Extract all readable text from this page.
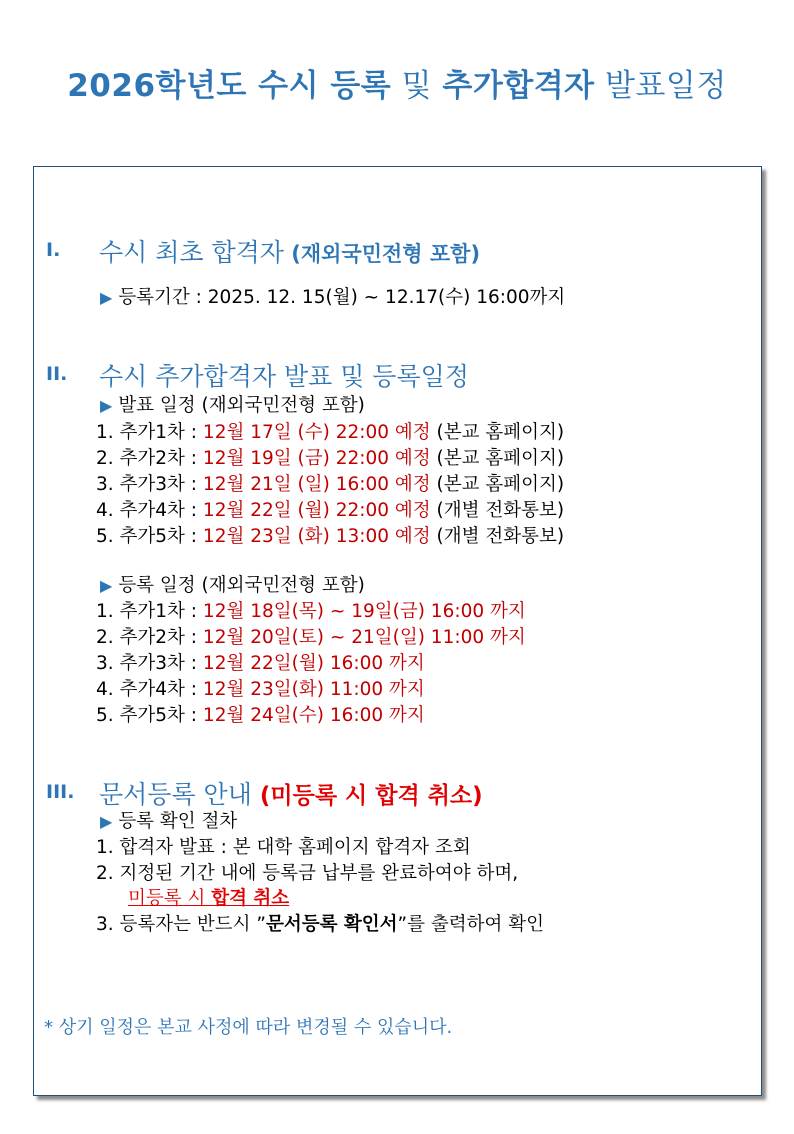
2026학년도 수시 등록 및 추가합격자 발표일정
I. 수시 최초 합격자 (재외국민전형 포함)
▶ 등록기간 : 2025. 12. 15(월) ~ 12.17(수) 16:00까지
II. 수시 추가합격자 발표 및 등록일정
▶ 발표 일정 (재외국민전형 포함)
1. 추가1차 : 12월 17일 (수) 22:00 예정 (본교 홈페이지)
2. 추가2차 : 12월 19일 (금) 22:00 예정 (본교 홈페이지)
3. 추가3차 : 12월 21일 (일) 16:00 예정 (본교 홈페이지)
4. 추가4차 : 12월 22일 (월) 22:00 예정 (개별 전화통보)
5. 추가5차 : 12월 23일 (화) 13:00 예정 (개별 전화통보)
▶ 등록 일정 (재외국민전형 포함)
1. 추가1차 : 12월 18일(목) ~ 19일(금) 16:00 까지
2. 추가2차 : 12월 20일(토) ~ 21일(일) 11:00 까지
3. 추가3차 : 12월 22일(월) 16:00 까지
4. 추가4차 : 12월 23일(화) 11:00 까지
5. 추가5차 : 12월 24일(수) 16:00 까지
III. 문서등록 안내 (미등록 시 합격 취소)
▶ 등록 확인 절차
1. 합격자 발표 : 본 대학 홈페이지 합격자 조회
2. 지정된 기간 내에 등록금 납부를 완료하여야 하며,
미등록 시 합격 취소
3. 등록자는 반드시 ”문서등록 확인서”를 출력하여 확인
* 상기 일정은 본교 사정에 따라 변경될 수 있습니다.
